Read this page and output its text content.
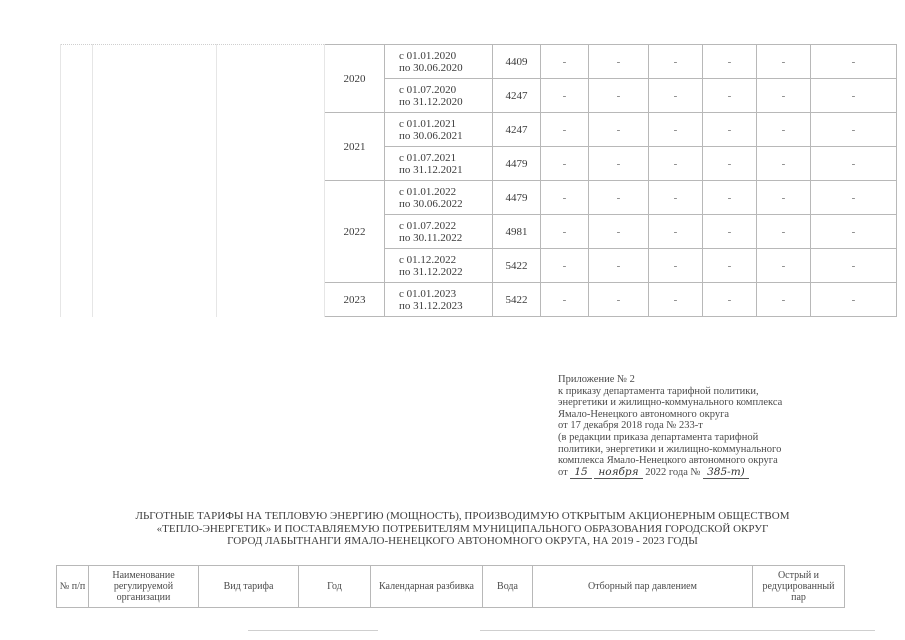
			2020	с 01.01.2020
по 30.06.2020	4409	-	-	-	-	-	-

				с 01.07.2020
по 31.12.2020	4247	-	-	-	-	-	-
			2021	с 01.01.2021
по 30.06.2021	4247	-	-	-	-	-	-

				с 01.07.2021
по 31.12.2021	4479	-	-	-	-	-	-
			2022	с 01.01.2022
по 30.06.2022	4479	-	-	-	-	-	-

				с 01.07.2022
по 30.11.2022	4981	-	-	-	-	-	-

				с 01.12.2022
по 31.12.2022	5422	-	-	-	-	-	-
			2023	с 01.01.2023
по 31.12.2023	5422	-	-	-	-	-	-
Приложение № 2
к приказу департамента тарифной политики,
энергетики и жилищно-коммунального комплекса
Ямало-Ненецкого автономного округа
от 17 декабря 2018 года № 233-т
(в редакции приказа департамента тарифной
политики, энергетики и жилищно-коммунального
комплекса Ямало-Ненецкого автономного округа
от 15 ноября 2022 года № 385-т)
ЛЬГОТНЫЕ ТАРИФЫ НА ТЕПЛОВУЮ ЭНЕРГИЮ (МОЩНОСТЬ), ПРОИЗВОДИМУЮ ОТКРЫТЫМ АКЦИОНЕРНЫМ ОБЩЕСТВОМ
«ТЕПЛО-ЭНЕРГЕТИК» И ПОСТАВЛЯЕМУЮ ПОТРЕБИТЕЛЯМ МУНИЦИПАЛЬНОГО ОБРАЗОВАНИЯ ГОРОДСКОЙ ОКРУГ
ГОРОД ЛАБЫТНАНГИ ЯМАЛО-НЕНЕЦКОГО АВТОНОМНОГО ОКРУГА, НА 2019 - 2023 ГОДЫ
№ п/п	Наименование регулируемой организации	Вид тарифа	Год	Календарная разбивка	Вода	Отборный пар давлением	Острый и редуцированный пар
